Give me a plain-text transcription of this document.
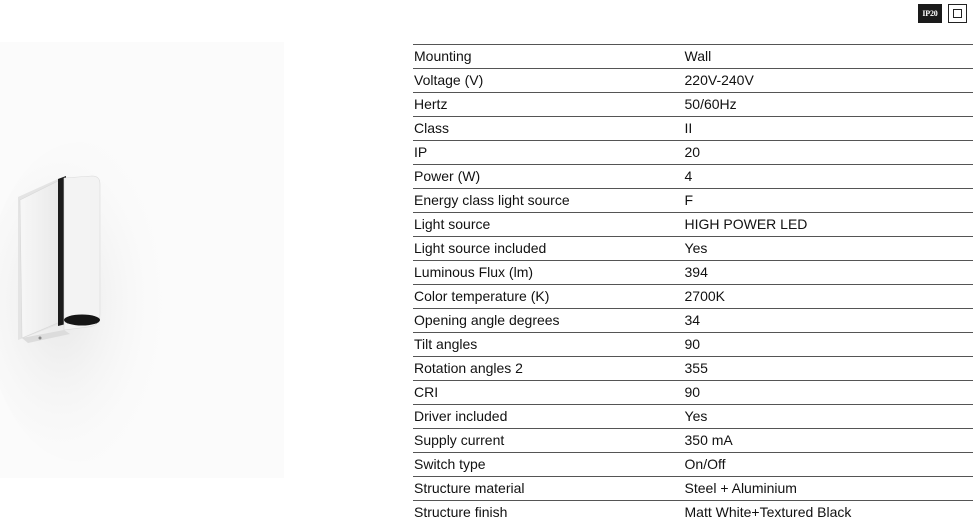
IP20
Mounting	Wall
Voltage (V)	220V-240V
Hertz	50/60Hz
Class	II
IP	20
Power (W)	4
Energy class light source	F
Light source	HIGH POWER LED
Light source included	Yes
Luminous Flux (lm)	394
Color temperature (K)	2700K
Opening angle degrees	34
Tilt angles	90
Rotation angles 2	355
CRI	90
Driver included	Yes
Supply current	350 mA
Switch type	On/Off
Structure material	Steel + Aluminium
Structure finish	Matt White+Textured Black
